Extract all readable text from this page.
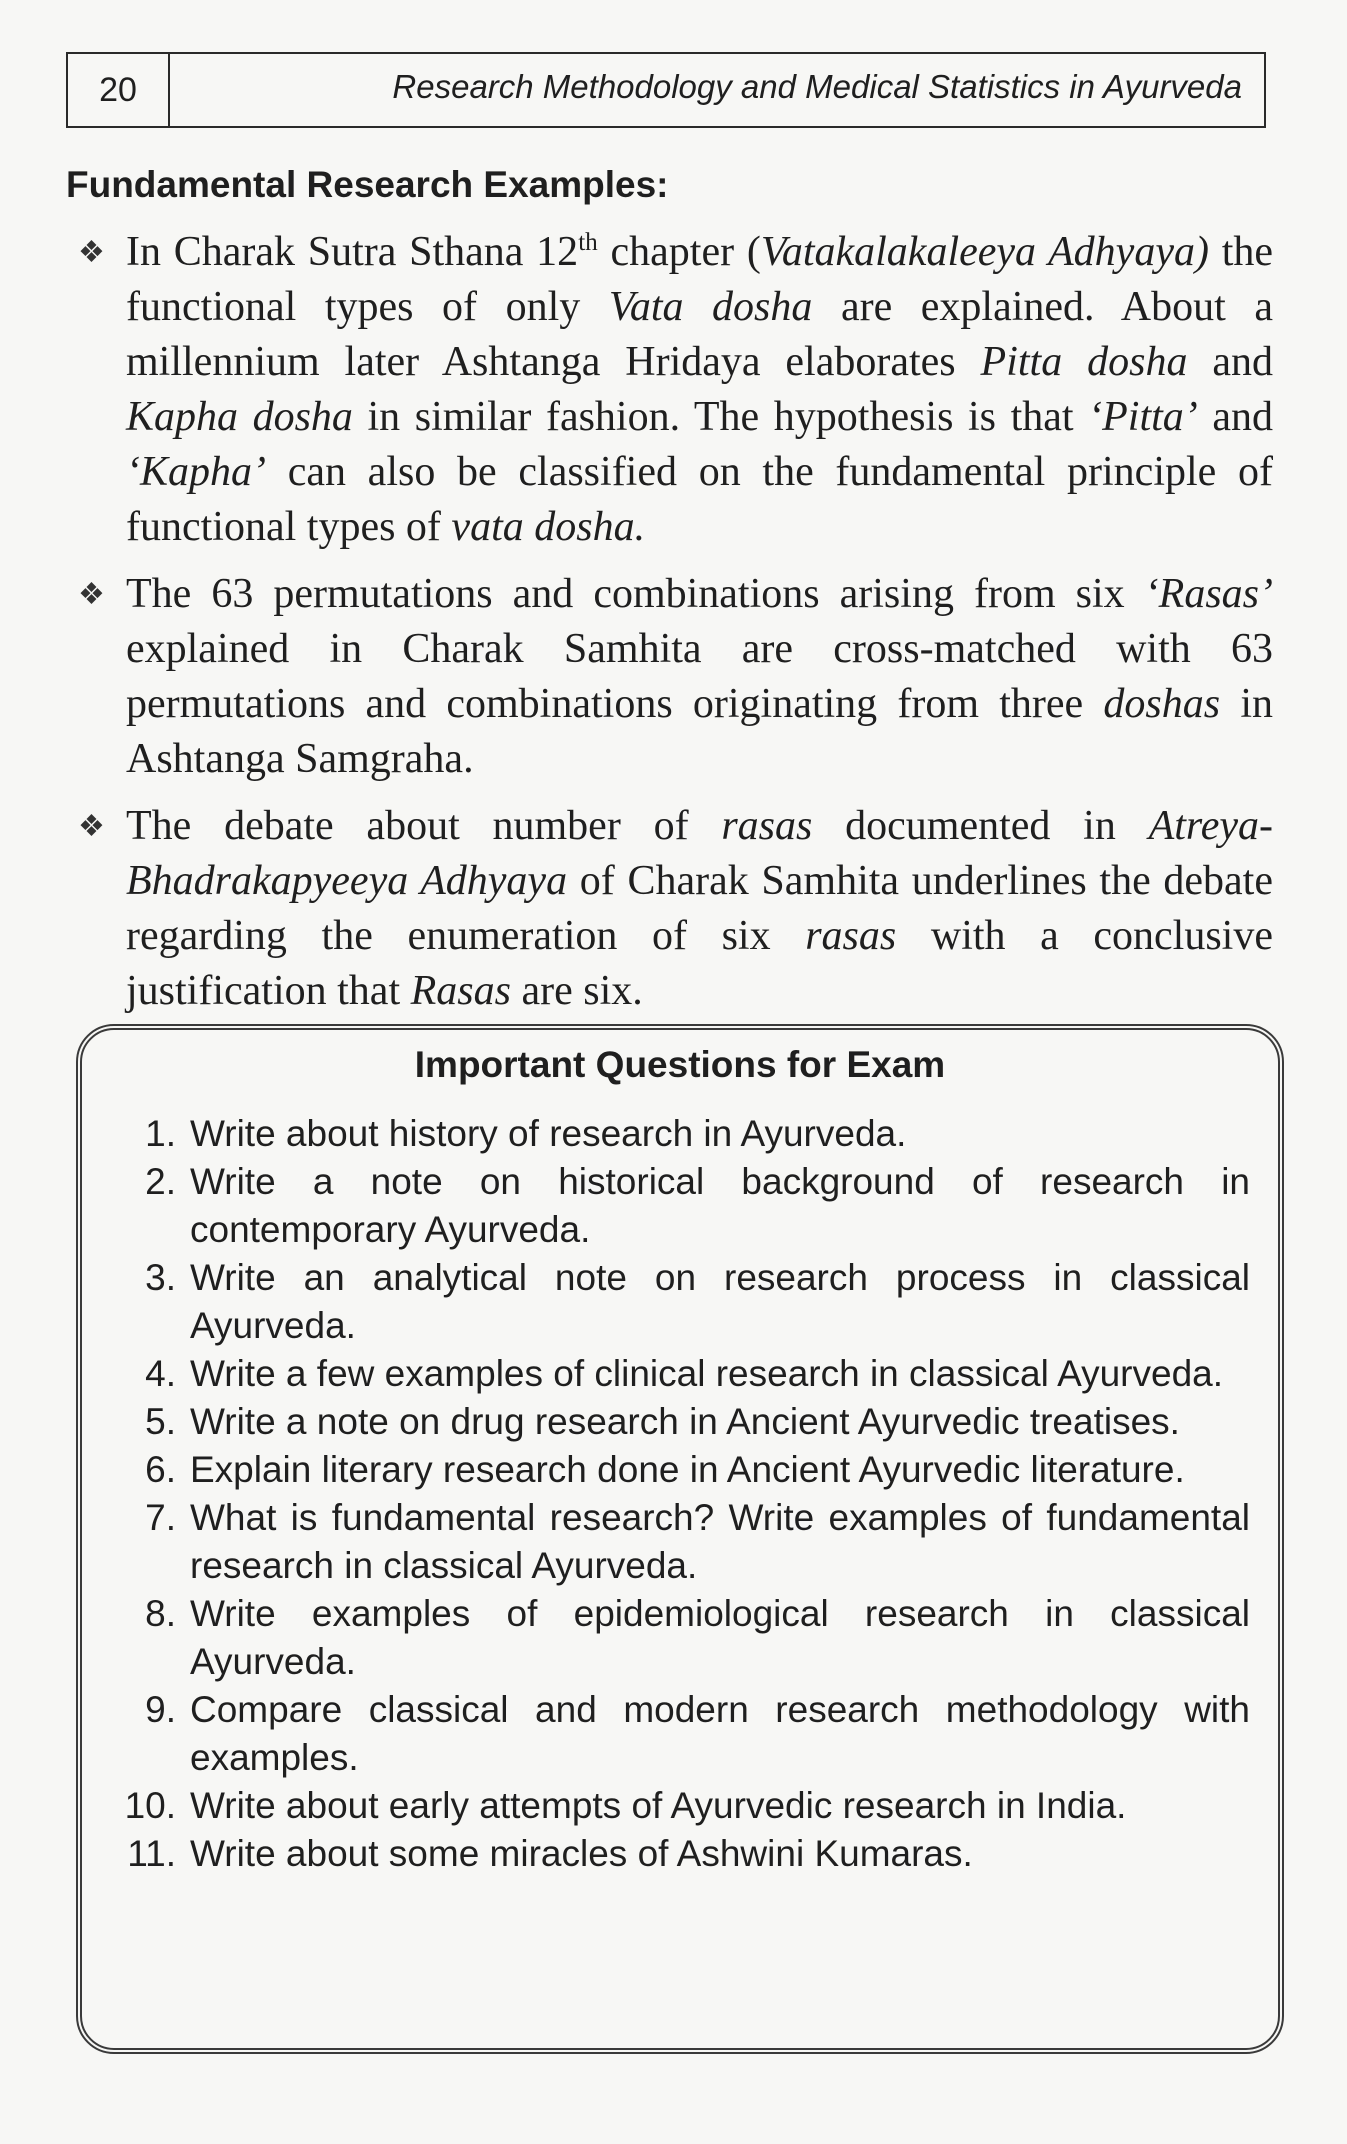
20	Research Methodology and Medical Statistics in Ayurveda
Fundamental Research Examples:
❖ In Charak Sutra Sthana 12th chapter (Vatakalakaleeya Adhyaya) the functional types of only Vata dosha are explained. About a millennium later Ashtanga Hridaya elaborates Pitta dosha and Kapha dosha in similar fashion. The hypothesis is that ‘Pitta’ and ‘Kapha’ can also be classified on the fundamental principle of functional types of vata dosha.
❖ The 63 permutations and combinations arising from six ‘Rasas’ explained in Charak Samhita are cross-matched with 63 permutations and combinations originating from three doshas in Ashtanga Samgraha.
❖ The debate about number of rasas documented in Atreya-Bhadrakapyeeya Adhyaya of Charak Samhita underlines the debate regarding the enumeration of six rasas with a conclusive justification that Rasas are six.
Important Questions for Exam
1. Write about history of research in Ayurveda.
2. Write a note on historical background of research in contemporary Ayurveda.
3. Write an analytical note on research process in classical Ayurveda.
4. Write a few examples of clinical research in classical Ayurveda.
5. Write a note on drug research in Ancient Ayurvedic treatises.
6. Explain literary research done in Ancient Ayurvedic literature.
7. What is fundamental research? Write examples of fundamental research in classical Ayurveda.
8. Write examples of epidemiological research in classical Ayurveda.
9. Compare classical and modern research methodology with examples.
10. Write about early attempts of Ayurvedic research in India.
11. Write about some miracles of Ashwini Kumaras.
